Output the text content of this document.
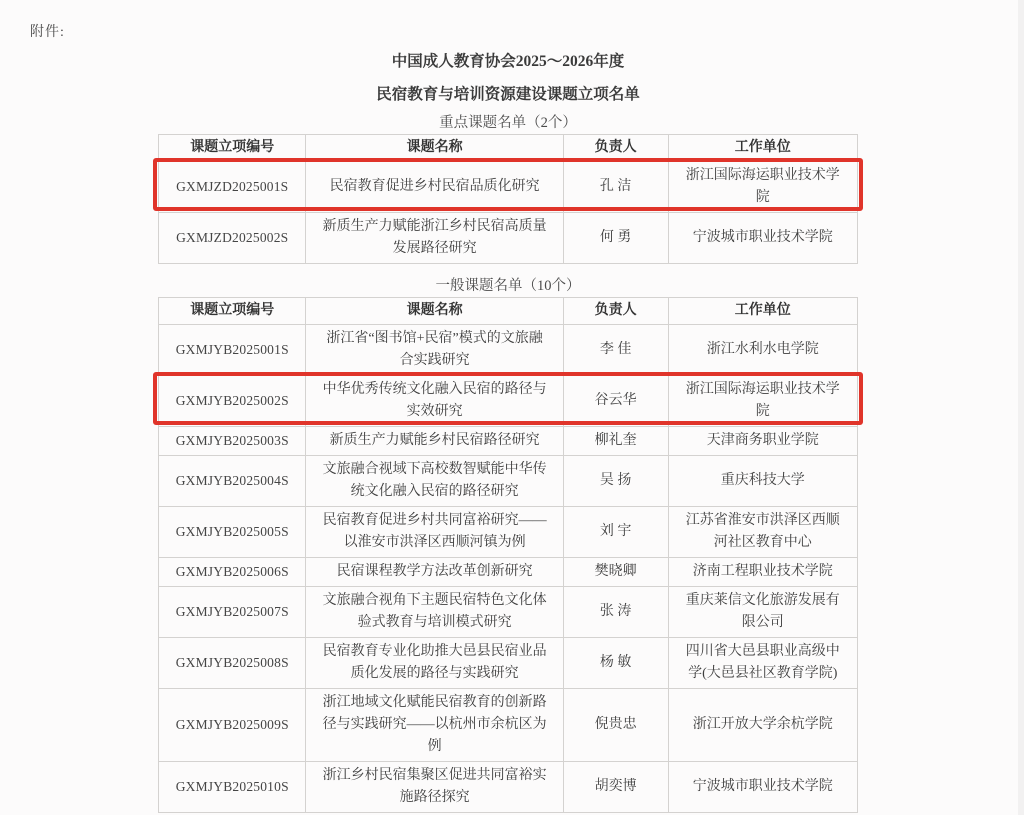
附件:
中国成人教育协会2025～2026年度
民宿教育与培训资源建设课题立项名单
重点课题名单（2个）
课题立项编号	课题名称	负责人	工作单位
GXMJZD2025001S	民宿教育促进乡村民宿品质化研究	孔 洁	浙江国际海运职业技术学院
GXMJZD2025002S	新质生产力赋能浙江乡村民宿高质量发展路径研究	何 勇	宁波城市职业技术学院
一般课题名单（10个）
课题立项编号	课题名称	负责人	工作单位
GXMJYB2025001S	浙江省“图书馆+民宿”模式的文旅融合实践研究	李 佳	浙江水利水电学院
GXMJYB2025002S	中华优秀传统文化融入民宿的路径与实效研究	谷云华	浙江国际海运职业技术学院
GXMJYB2025003S	新质生产力赋能乡村民宿路径研究	柳礼奎	天津商务职业学院
GXMJYB2025004S	文旅融合视域下高校数智赋能中华传统文化融入民宿的路径研究	吴 扬	重庆科技大学
GXMJYB2025005S	民宿教育促进乡村共同富裕研究——以淮安市洪泽区西顺河镇为例	刘 宇	江苏省淮安市洪泽区西顺河社区教育中心
GXMJYB2025006S	民宿课程教学方法改革创新研究	樊晓卿	济南工程职业技术学院
GXMJYB2025007S	文旅融合视角下主题民宿特色文化体验式教育与培训模式研究	张 涛	重庆莱信文化旅游发展有限公司
GXMJYB2025008S	民宿教育专业化助推大邑县民宿业品质化发展的路径与实践研究	杨 敏	四川省大邑县职业高级中学(大邑县社区教育学院)
GXMJYB2025009S	浙江地域文化赋能民宿教育的创新路径与实践研究——以杭州市余杭区为例	倪贵忠	浙江开放大学余杭学院
GXMJYB2025010S	浙江乡村民宿集聚区促进共同富裕实施路径探究	胡奕博	宁波城市职业技术学院
